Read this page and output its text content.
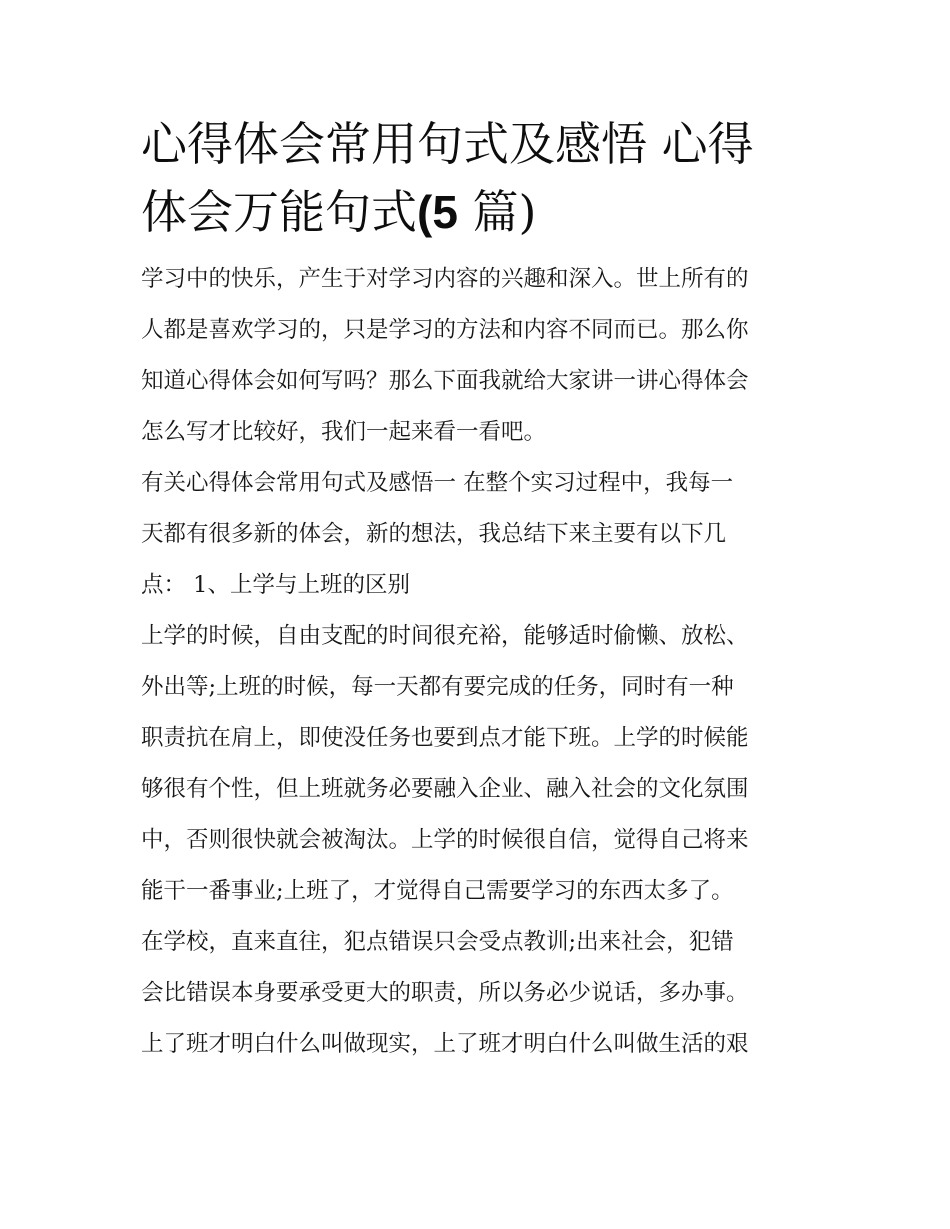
心得体会常用句式及感悟 心得
体会万能句式(5 篇)

学习中的快乐，产生于对学习内容的兴趣和深入。世上所有的
人都是喜欢学习的，只是学习的方法和内容不同而已。那么你
知道心得体会如何写吗？那么下面我就给大家讲一讲心得体会
怎么写才比较好，我们一起来看一看吧。

有关心得体会常用句式及感悟一 在整个实习过程中，我每一
天都有很多新的体会，新的想法，我总结下来主要有以下几
点： 1、上学与上班的区别

上学的时候，自由支配的时间很充裕，能够适时偷懒、放松、
外出等;上班的时候，每一天都有要完成的任务，同时有一种
职责抗在肩上，即使没任务也要到点才能下班。上学的时候能
够很有个性，但上班就务必要融入企业、融入社会的文化氛围
中，否则很快就会被淘汰。上学的时候很自信，觉得自己将来
能干一番事业;上班了，才觉得自己需要学习的东西太多了。
在学校，直来直往，犯点错误只会受点教训;出来社会，犯错
会比错误本身要承受更大的职责，所以务必少说话，多办事。
上了班才明白什么叫做现实，上了班才明白什么叫做生活的艰
